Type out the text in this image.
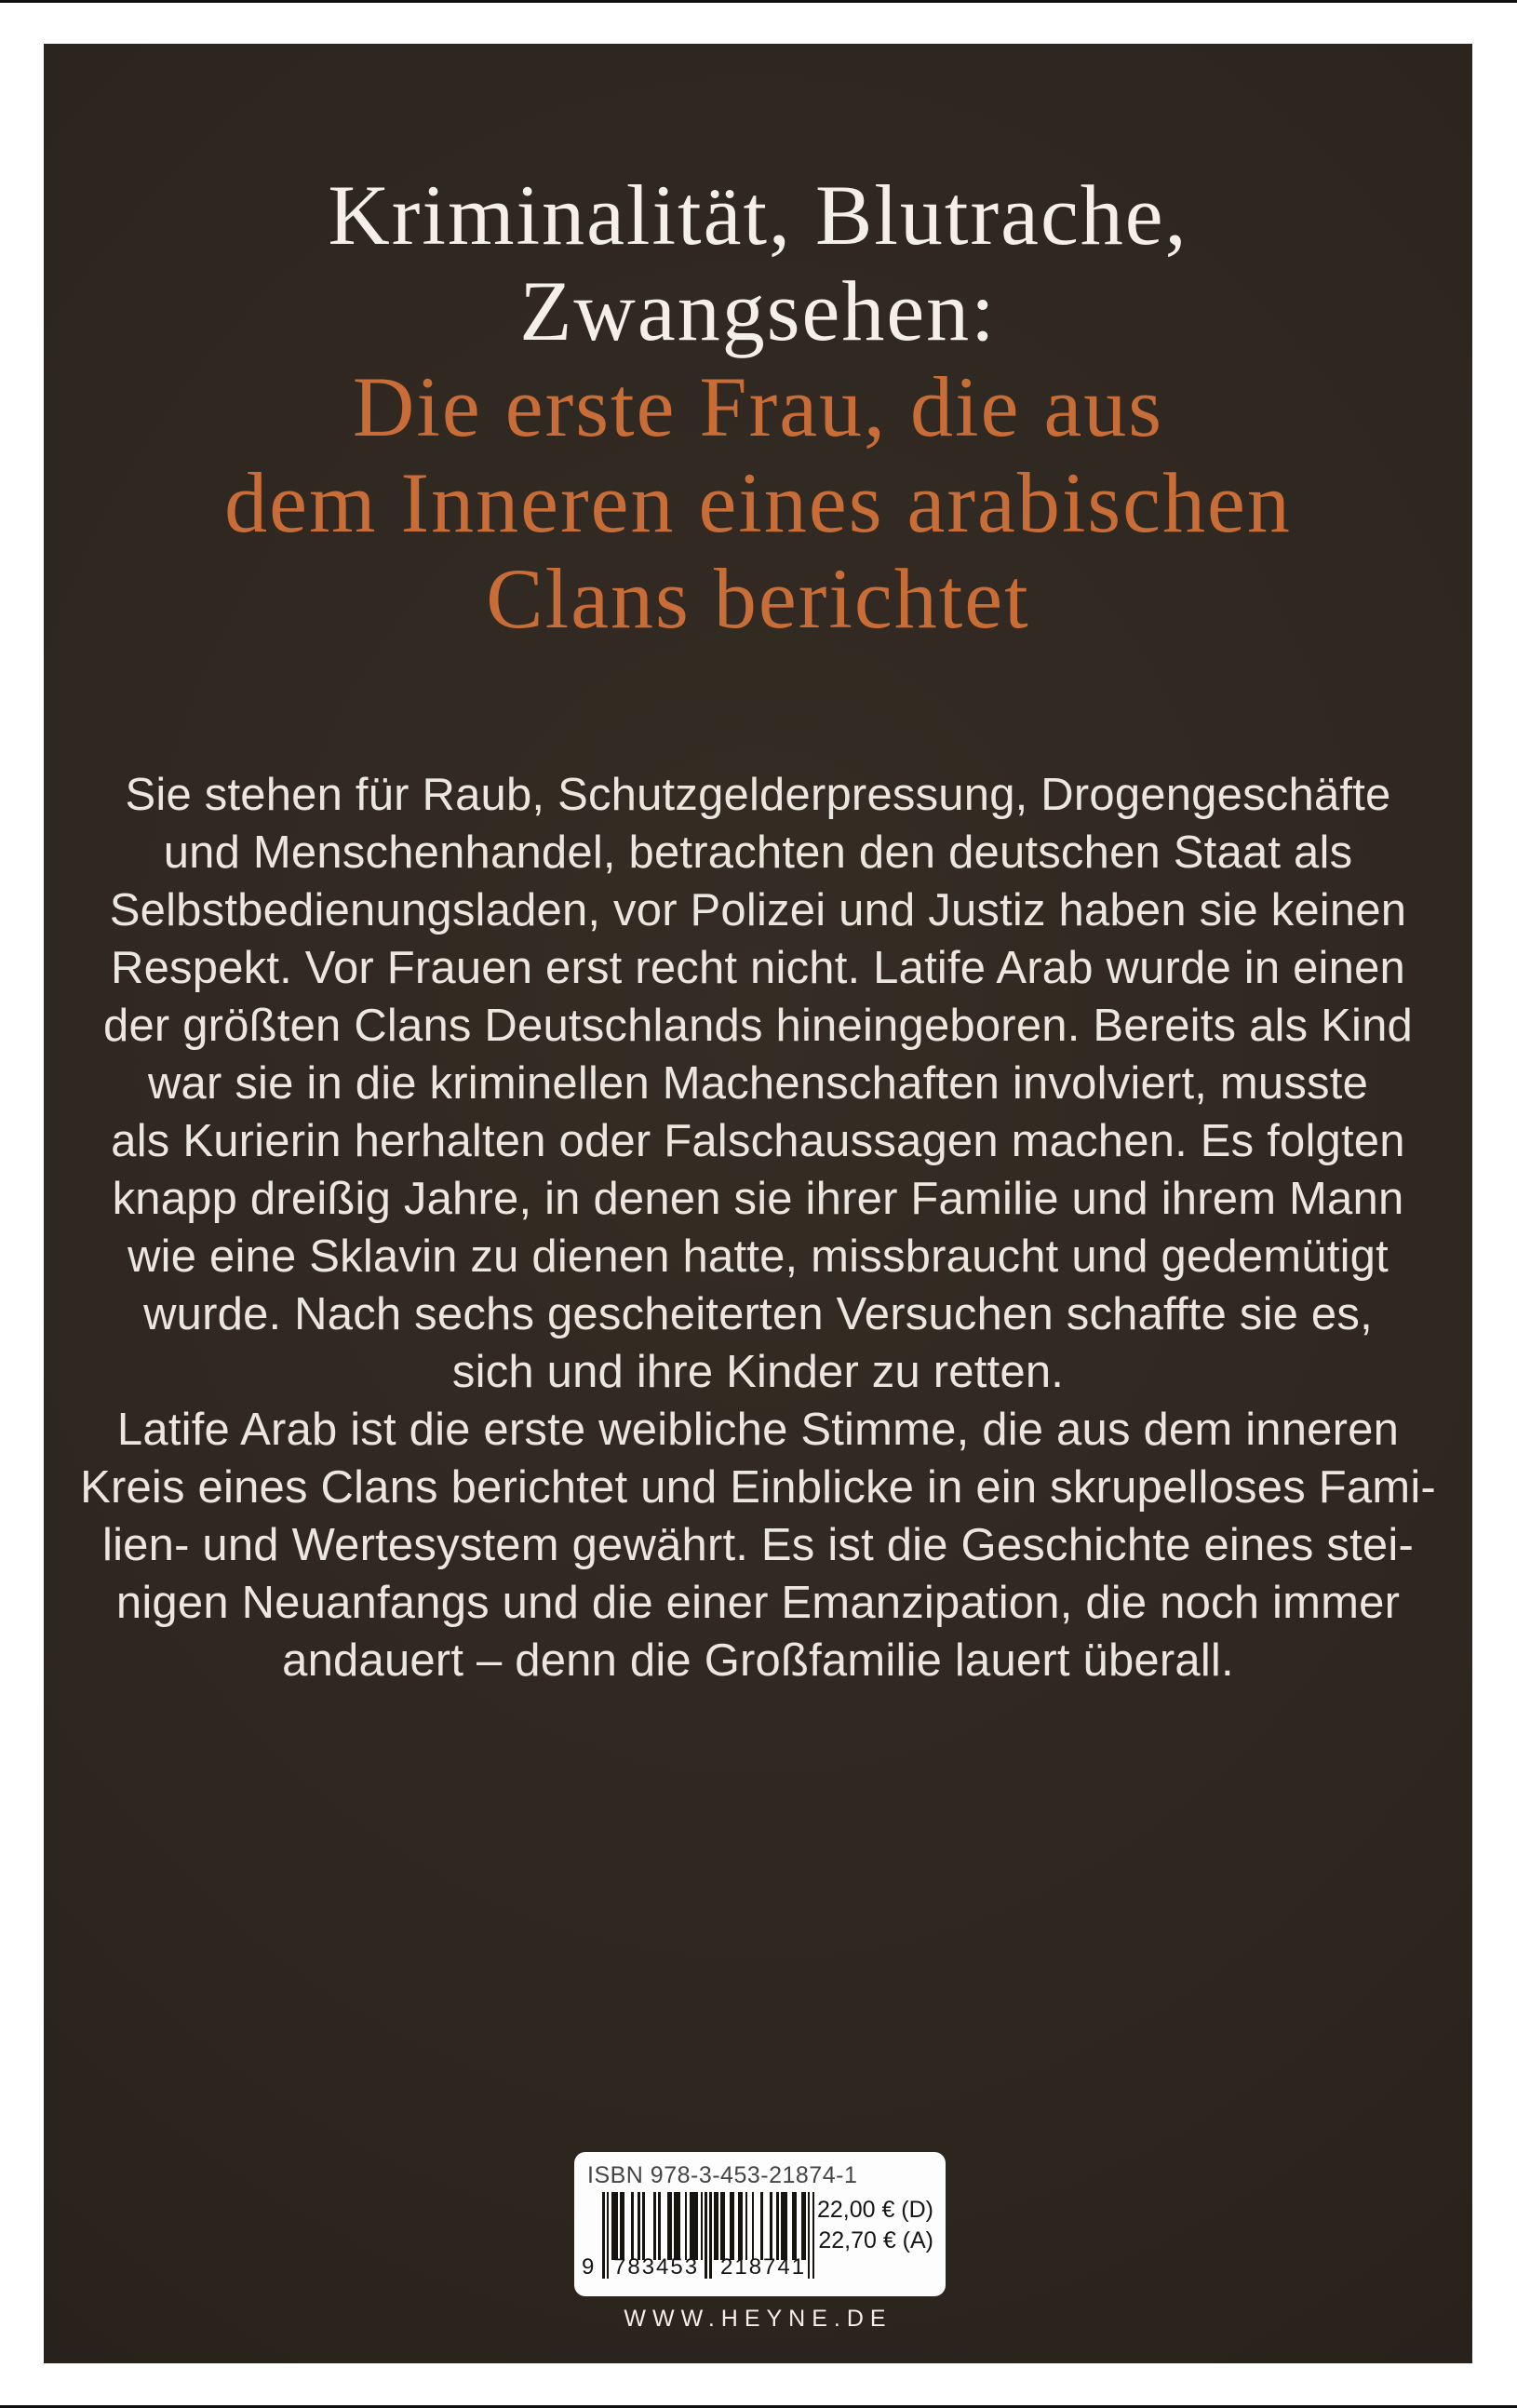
Kriminalität, Blutrache,
Zwangsehen:
Die erste Frau, die aus
dem Inneren eines arabischen
Clans berichtet
Sie stehen für Raub, Schutzgelderpressung, Drogengeschäfte
und Menschenhandel, betrachten den deutschen Staat als
Selbstbedienungsladen, vor Polizei und Justiz haben sie keinen
Respekt. Vor Frauen erst recht nicht. Latife Arab wurde in einen
der größten Clans Deutschlands hineingeboren. Bereits als Kind
war sie in die kriminellen Machenschaften involviert, musste
als Kurierin herhalten oder Falschaussagen machen. Es folgten
knapp dreißig Jahre, in denen sie ihrer Familie und ihrem Mann
wie eine Sklavin zu dienen hatte, missbraucht und gedemütigt
wurde. Nach sechs gescheiterten Versuchen schaffte sie es,
sich und ihre Kinder zu retten.
Latife Arab ist die erste weibliche Stimme, die aus dem inneren
Kreis eines Clans berichtet und Einblicke in ein skrupelloses Fami-
lien- und Wertesystem gewährt. Es ist die Geschichte eines stei-
nigen Neuanfangs und die einer Emanzipation, die noch immer
andauert – denn die Großfamilie lauert überall.
ISBN 978-3-453-21874-1
9 783453 218741
22,00 € (D)
22,70 € (A)
WWW.HEYNE.DE
